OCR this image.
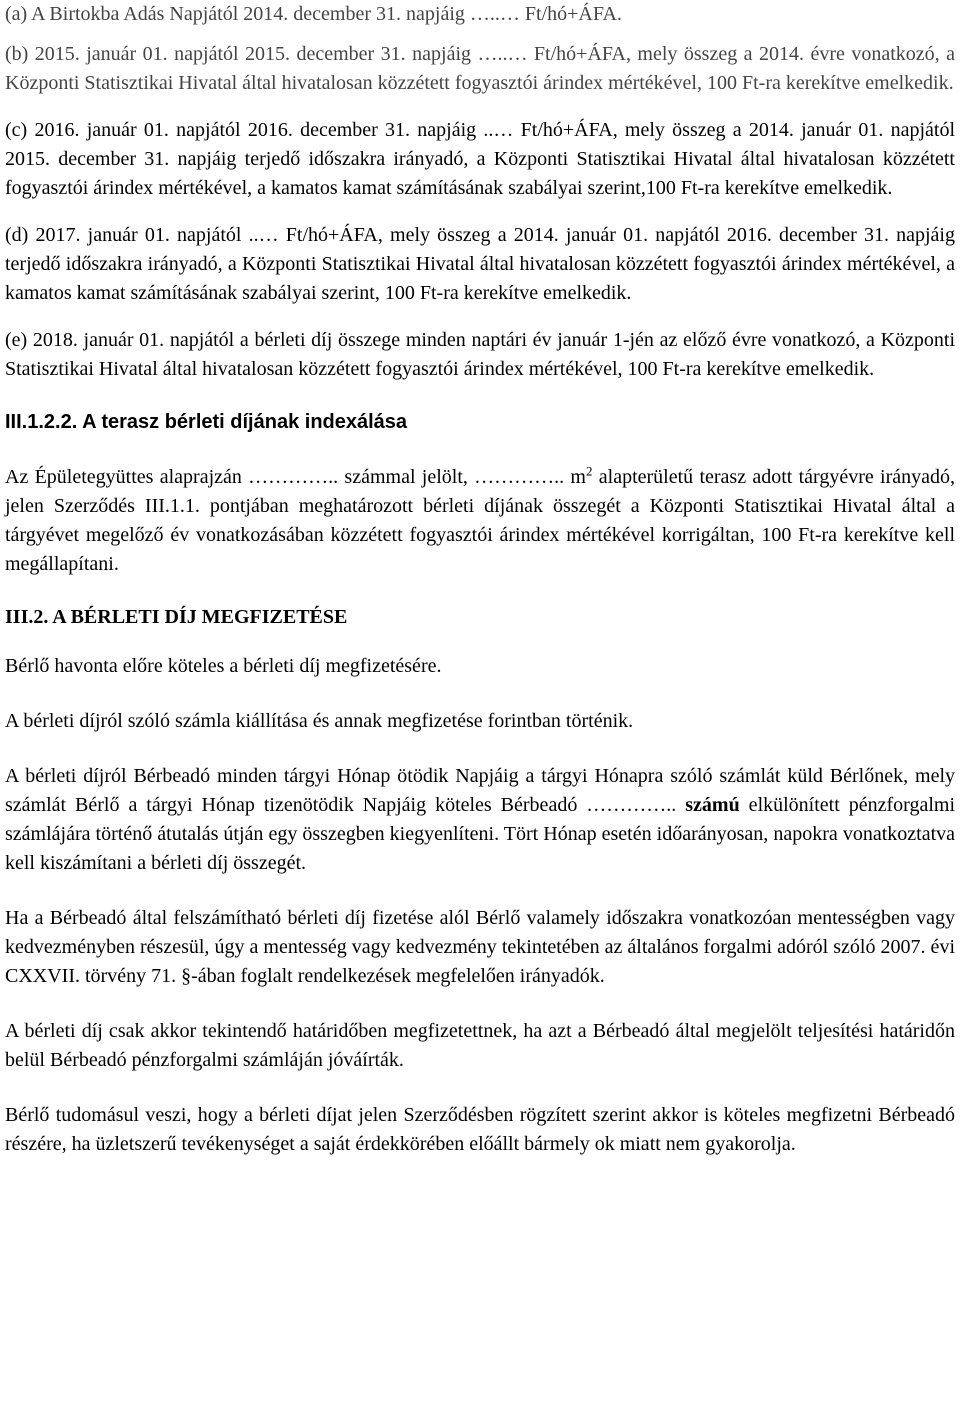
(a) A Birtokba Adás Napjától 2014. december 31. napjáig …..… Ft/hó+ÁFA.

(b) 2015. január 01. napjától 2015. december 31. napjáig …..… Ft/hó+ÁFA, mely összeg a 2014. évre vonatkozó, a Központi Statisztikai Hivatal által hivatalosan közzétett fogyasztói árindex mértékével, 100 Ft-ra kerekítve emelkedik.

(c) 2016. január 01. napjától 2016. december 31. napjáig ..… Ft/hó+ÁFA, mely összeg a 2014. január 01. napjától 2015. december 31. napjáig terjedő időszakra irányadó, a Központi Statisztikai Hivatal által hivatalosan közzétett fogyasztói árindex mértékével, a kamatos kamat számításának szabályai szerint,100 Ft-ra kerekítve emelkedik.

(d) 2017. január 01. napjától ..… Ft/hó+ÁFA, mely összeg a 2014. január 01. napjától 2016. december 31. napjáig terjedő időszakra irányadó, a Központi Statisztikai Hivatal által hivatalosan közzétett fogyasztói árindex mértékével, a kamatos kamat számításának szabályai szerint, 100 Ft-ra kerekítve emelkedik.

(e) 2018. január 01. napjától a bérleti díj összege minden naptári év január 1-jén az előző évre vonatkozó, a Központi Statisztikai Hivatal által hivatalosan közzétett fogyasztói árindex mértékével, 100 Ft-ra kerekítve emelkedik.

III.1.2.2. A terasz bérleti díjának indexálása

Az Épületegyüttes alaprajzán ………….. számmal jelölt, ………….. $m^2$ alapterületű terasz adott tárgyévre irányadó, jelen Szerződés III.1.1. pontjában meghatározott bérleti díjának összegét a Központi Statisztikai Hivatal által a tárgyévet megelőző év vonatkozásában közzétett fogyasztói árindex mértékével korrigáltan, 100 Ft-ra kerekítve kell megállapítani.

III.2. A BÉRLETI DÍJ MEGFIZETÉSE

Bérlő havonta előre köteles a bérleti díj megfizetésére.

A bérleti díjról szóló számla kiállítása és annak megfizetése forintban történik.

A bérleti díjról Bérbeadó minden tárgyi Hónap ötödik Napjáig a tárgyi Hónapra szóló számlát küld Bérlőnek, mely számlát Bérlő a tárgyi Hónap tizenötödik Napjáig köteles Bérbeadó ………….. számú elkülönített pénzforgalmi számlájára történő átutalás útján egy összegben kiegyenlíteni. Tört Hónap esetén időarányosan, napokra vonatkoztatva kell kiszámítani a bérleti díj összegét.

Ha a Bérbeadó által felszámítható bérleti díj fizetése alól Bérlő valamely időszakra vonatkozóan mentességben vagy kedvezményben részesül, úgy a mentesség vagy kedvezmény tekintetében az általános forgalmi adóról szóló 2007. évi CXXVII. törvény 71. §-ában foglalt rendelkezések megfelelően irányadók.

A bérleti díj csak akkor tekintendő határidőben megfizetettnek, ha azt a Bérbeadó által megjelölt teljesítési határidőn belül Bérbeadó pénzforgalmi számláján jóváírták.

Bérlő tudomásul veszi, hogy a bérleti díjat jelen Szerződésben rögzített szerint akkor is köteles megfizetni Bérbeadó részére, ha üzletszerű tevékenységet a saját érdekkörében előállt bármely ok miatt nem gyakorolja.
